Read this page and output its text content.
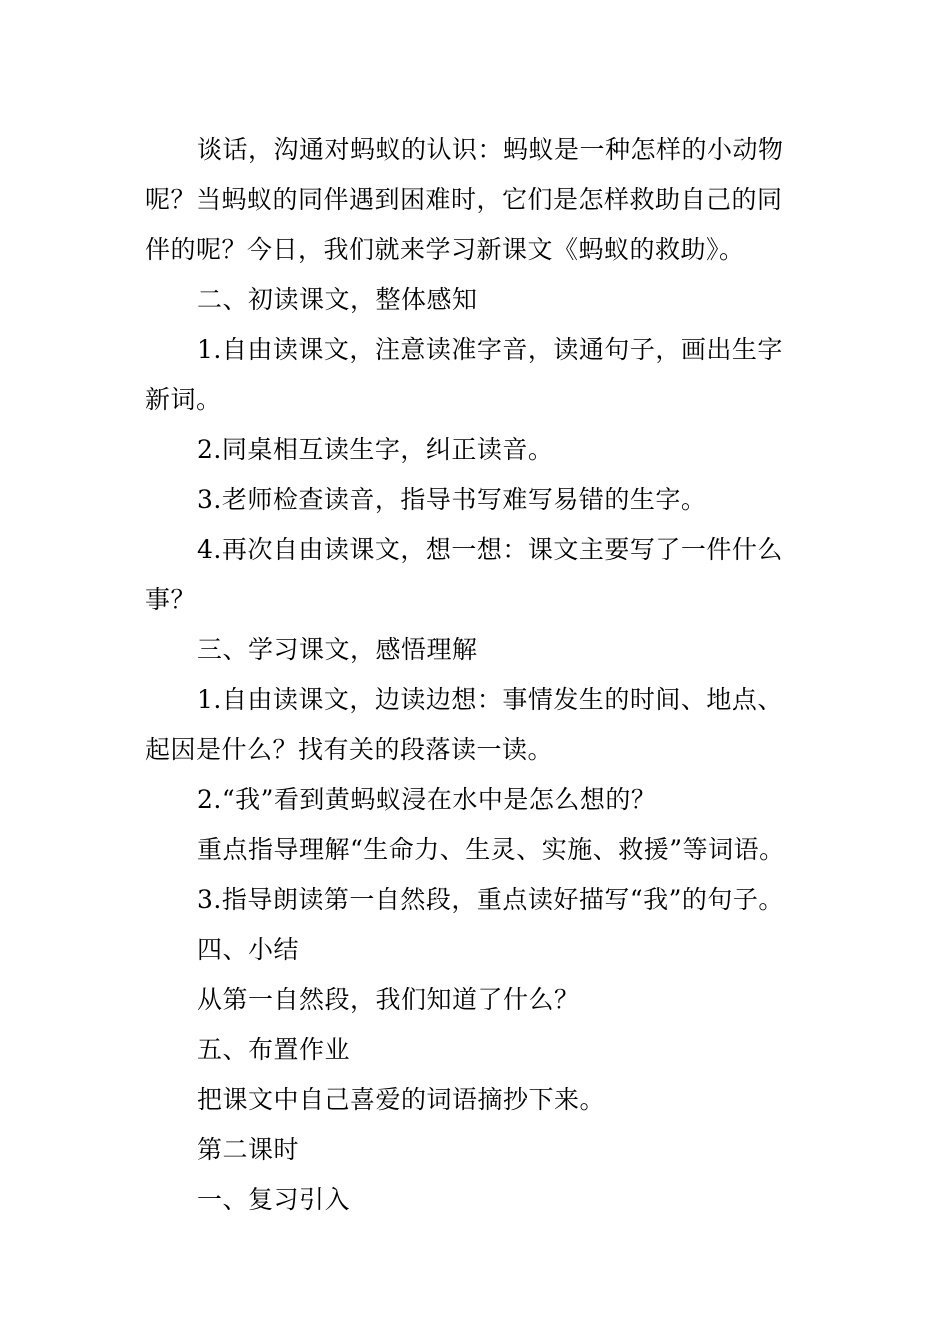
谈话，沟通对蚂蚁的认识：蚂蚁是一种怎样的小动物
呢？当蚂蚁的同伴遇到困难时，它们是怎样救助自己的同
伴的呢？今日，我们就来学习新课文《蚂蚁的救助》。
二、初读课文，整体感知
1.自由读课文，注意读准字音，读通句子，画出生字
新词。
2.同桌相互读生字，纠正读音。
3.老师检查读音，指导书写难写易错的生字。
4.再次自由读课文，想一想：课文主要写了一件什么
事？
三、学习课文，感悟理解
1.自由读课文，边读边想：事情发生的时间、地点、
起因是什么？找有关的段落读一读。
2.“我”看到黄蚂蚁浸在水中是怎么想的？
重点指导理解“生命力、生灵、实施、救援”等词语。
3.指导朗读第一自然段，重点读好描写“我”的句子。
四、小结
从第一自然段，我们知道了什么？
五、布置作业
把课文中自己喜爱的词语摘抄下来。
第二课时
一、复习引入
